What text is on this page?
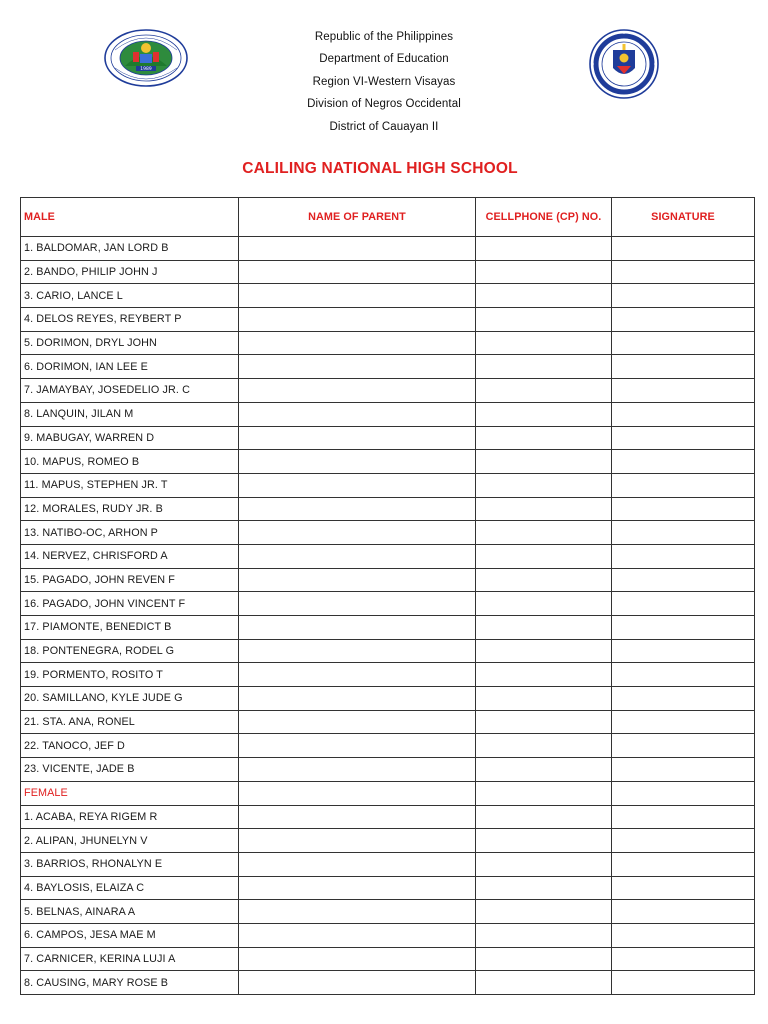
1989
Republic of the Philippines
Department of Education
Region VI-Western Visayas
Division of Negros Occidental
District of Cauayan II
CALILING NATIONAL HIGH SCHOOL
MALE	NAME OF PARENT	CELLPHONE (CP) NO.	SIGNATURE
1. BALDOMAR, JAN LORD B			
2. BANDO, PHILIP JOHN J			
3. CARIO, LANCE L			
4. DELOS REYES, REYBERT P			
5. DORIMON, DRYL JOHN			
6. DORIMON, IAN LEE E			
7. JAMAYBAY, JOSEDELIO JR. C			
8. LANQUIN, JILAN M			
9. MABUGAY, WARREN D			
10. MAPUS, ROMEO B			
11. MAPUS, STEPHEN JR. T			
12. MORALES, RUDY JR. B			
13. NATIBO-OC, ARHON P			
14. NERVEZ, CHRISFORD A			
15. PAGADO, JOHN REVEN F			
16. PAGADO, JOHN VINCENT F			
17. PIAMONTE, BENEDICT B			
18. PONTENEGRA, RODEL G			
19. PORMENTO, ROSITO T			
20. SAMILLANO, KYLE JUDE G			
21. STA. ANA, RONEL			
22. TANOCO, JEF D			
23. VICENTE, JADE B			
FEMALE			
1. ACABA, REYA RIGEM R			
2. ALIPAN, JHUNELYN V			
3. BARRIOS, RHONALYN E			
4. BAYLOSIS, ELAIZA C			
5. BELNAS, AINARA A			
6. CAMPOS, JESA MAE M			
7. CARNICER, KERINA LUJI A			
8. CAUSING, MARY ROSE B			
